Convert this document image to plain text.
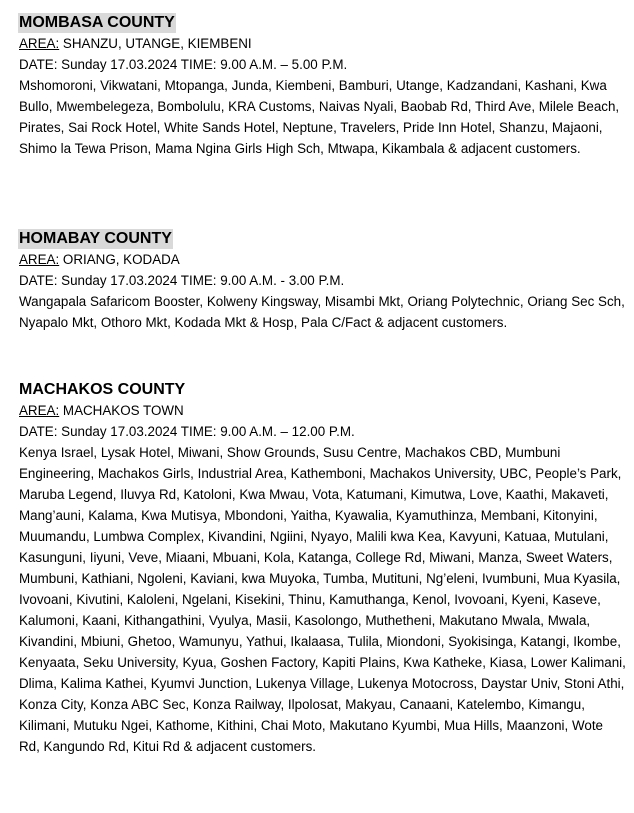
MOMBASA COUNTY
AREA: SHANZU, UTANGE, KIEMBENI
DATE: Sunday 17.03.2024 TIME: 9.00 A.M. – 5.00 P.M.

Mshomoroni, Vikwatani, Mtopanga, Junda, Kiembeni, Bamburi, Utange, Kadzandani, Kashani, Kwa Bullo, Mwembelegeza, Bombolulu, KRA Customs, Naivas Nyali, Baobab Rd, Third Ave, Milele Beach, Pirates, Sai Rock Hotel, White Sands Hotel, Neptune, Travelers, Pride Inn Hotel, Shanzu, Majaoni, Shimo la Tewa Prison, Mama Ngina Girls High Sch, Mtwapa, Kikambala & adjacent customers.

HOMABAY COUNTY
AREA: ORIANG, KODADA
DATE: Sunday 17.03.2024 TIME: 9.00 A.M. - 3.00 P.M.

Wangapala Safaricom Booster, Kolweny Kingsway, Misambi Mkt, Oriang Polytechnic, Oriang Sec Sch, Nyapalo Mkt, Othoro Mkt, Kodada Mkt & Hosp, Pala C/Fact & adjacent customers.

MACHAKOS COUNTY
AREA: MACHAKOS TOWN
DATE: Sunday 17.03.2024 TIME: 9.00 A.M. – 12.00 P.M.

Kenya Israel, Lysak Hotel, Miwani, Show Grounds, Susu Centre, Machakos CBD, Mumbuni Engineering, Machakos Girls, Industrial Area, Kathemboni, Machakos University, UBC, People’s Park, Maruba Legend, Iluvya Rd, Katoloni, Kwa Mwau, Vota, Katumani, Kimutwa, Love, Kaathi, Makaveti, Mang’auni, Kalama, Kwa Mutisya, Mbondoni, Yaitha, Kyawalia, Kyamuthinza, Membani, Kitonyini,

Muumandu, Lumbwa Complex, Kivandini, Ngiini, Nyayo, Malili kwa Kea, Kavyuni, Katuaa, Mutulani, Kasunguni, Iiyuni, Veve, Miaani, Mbuani, Kola, Katanga, College Rd, Miwani, Manza, Sweet Waters, Mumbuni, Kathiani, Ngoleni, Kaviani, kwa Muyoka, Tumba, Mutituni, Ng’eleni, Ivumbuni, Mua Kyasila, Ivovoani, Kivutini, Kaloleni, Ngelani, Kisekini, Thinu, Kamuthanga, Kenol, Ivovoani, Kyeni, Kaseve, Kalumoni, Kaani, Kithangathini, Vyulya, Masii, Kasolongo, Muthetheni, Makutano Mwala, Mwala, Kivandini, Mbiuni, Ghetoo, Wamunyu, Yathui, Ikalaasa, Tulila, Miondoni, Syokisinga, Katangi, Ikombe, Kenyaata, Seku University, Kyua, Goshen Factory, Kapiti Plains, Kwa Katheke, Kiasa, Lower Kalimani, Dlima, Kalima Kathei, Kyumvi Junction, Lukenya Village, Lukenya Motocross, Daystar Univ, Stoni Athi, Konza City, Konza ABC Sec, Konza Railway, Ilpolosat, Makyau, Canaani, Katelembo, Kimangu, Kilimani, Mutuku Ngei, Kathome, Kithini, Chai Moto, Makutano Kyumbi, Mua Hills, Maanzoni, Wote Rd, Kangundo Rd, Kitui Rd & adjacent customers.
